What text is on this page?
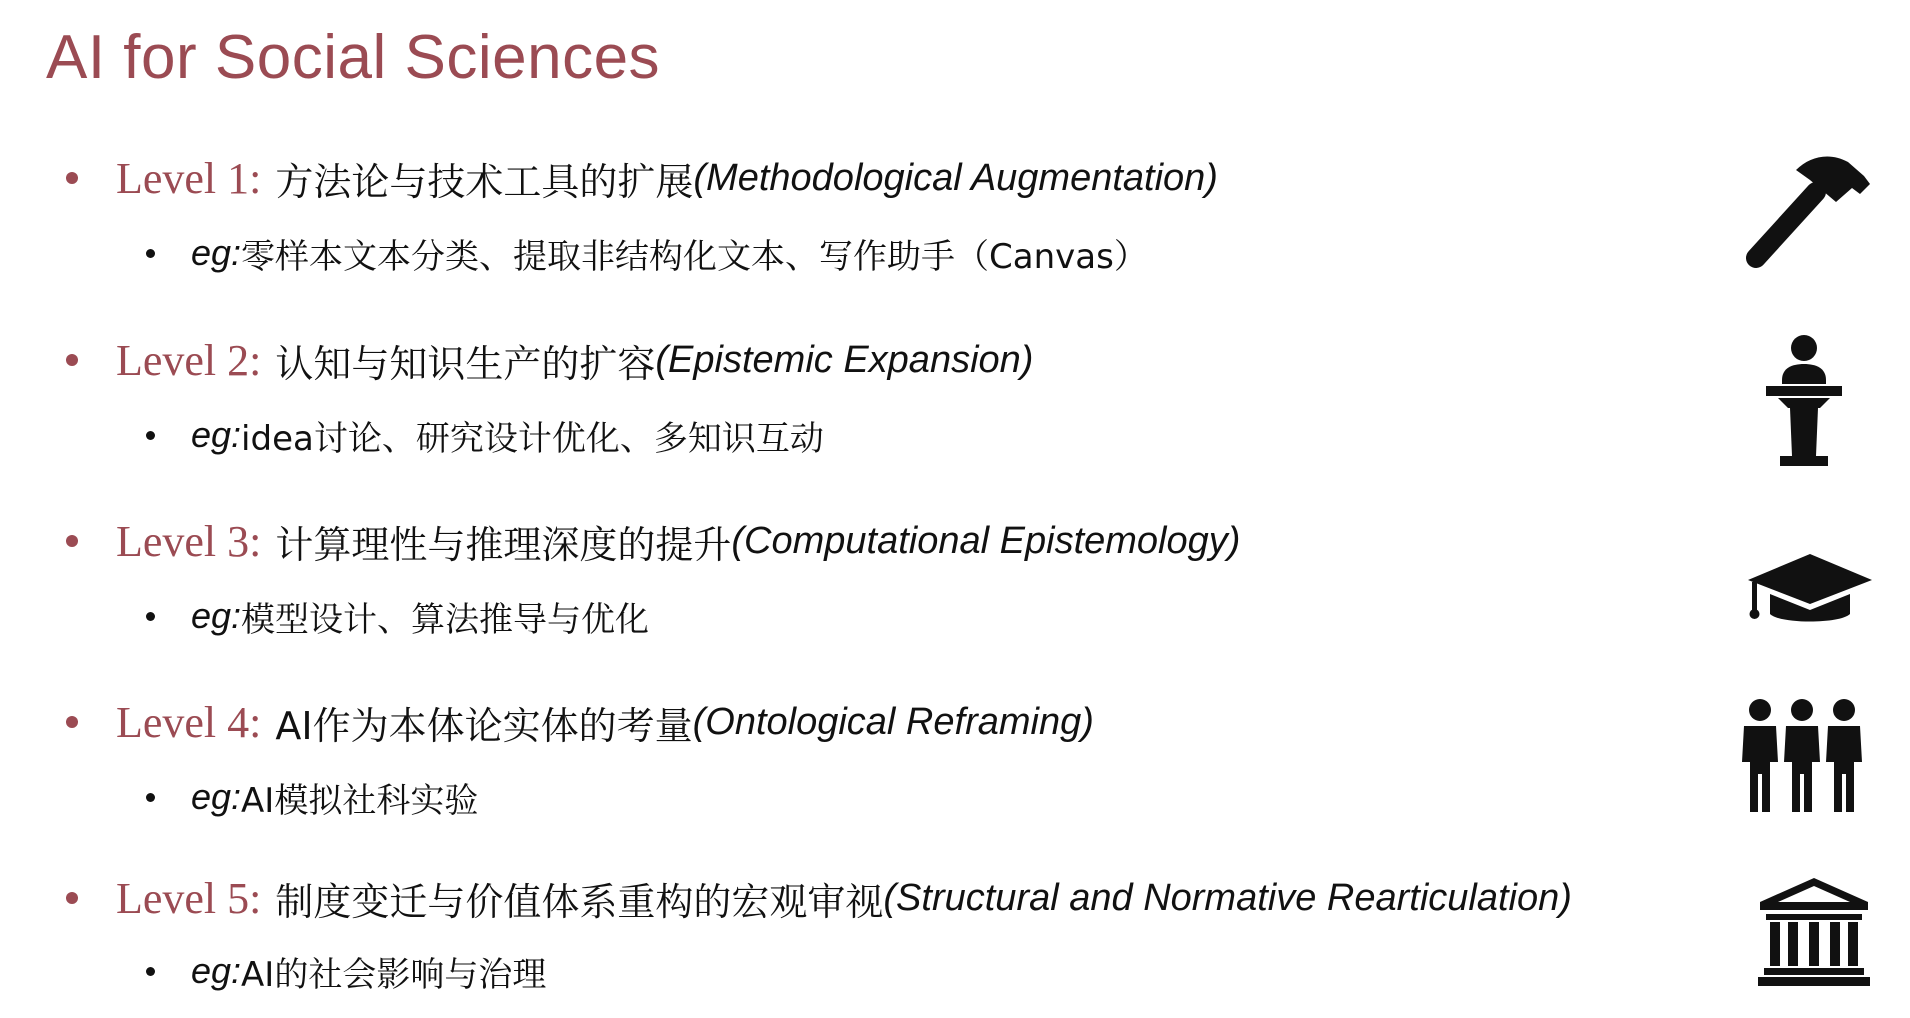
AI for Social Sciences
Level 1: 方法论与技术工具的扩展 (Methodological Augmentation)
eg: 零样本文本分类、提取非结构化文本、写作助手（Canvas）
Level 2: 认知与知识生产的扩容 (Epistemic Expansion)
eg: idea讨论、研究设计优化、多知识互动
Level 3: 计算理性与推理深度的提升 (Computational Epistemology)
eg: 模型设计、算法推导与优化
Level 4: AI作为本体论实体的考量 (Ontological Reframing)
eg: AI模拟社科实验
Level 5: 制度变迁与价值体系重构的宏观审视 (Structural and Normative Rearticulation)
eg: AI的社会影响与治理
